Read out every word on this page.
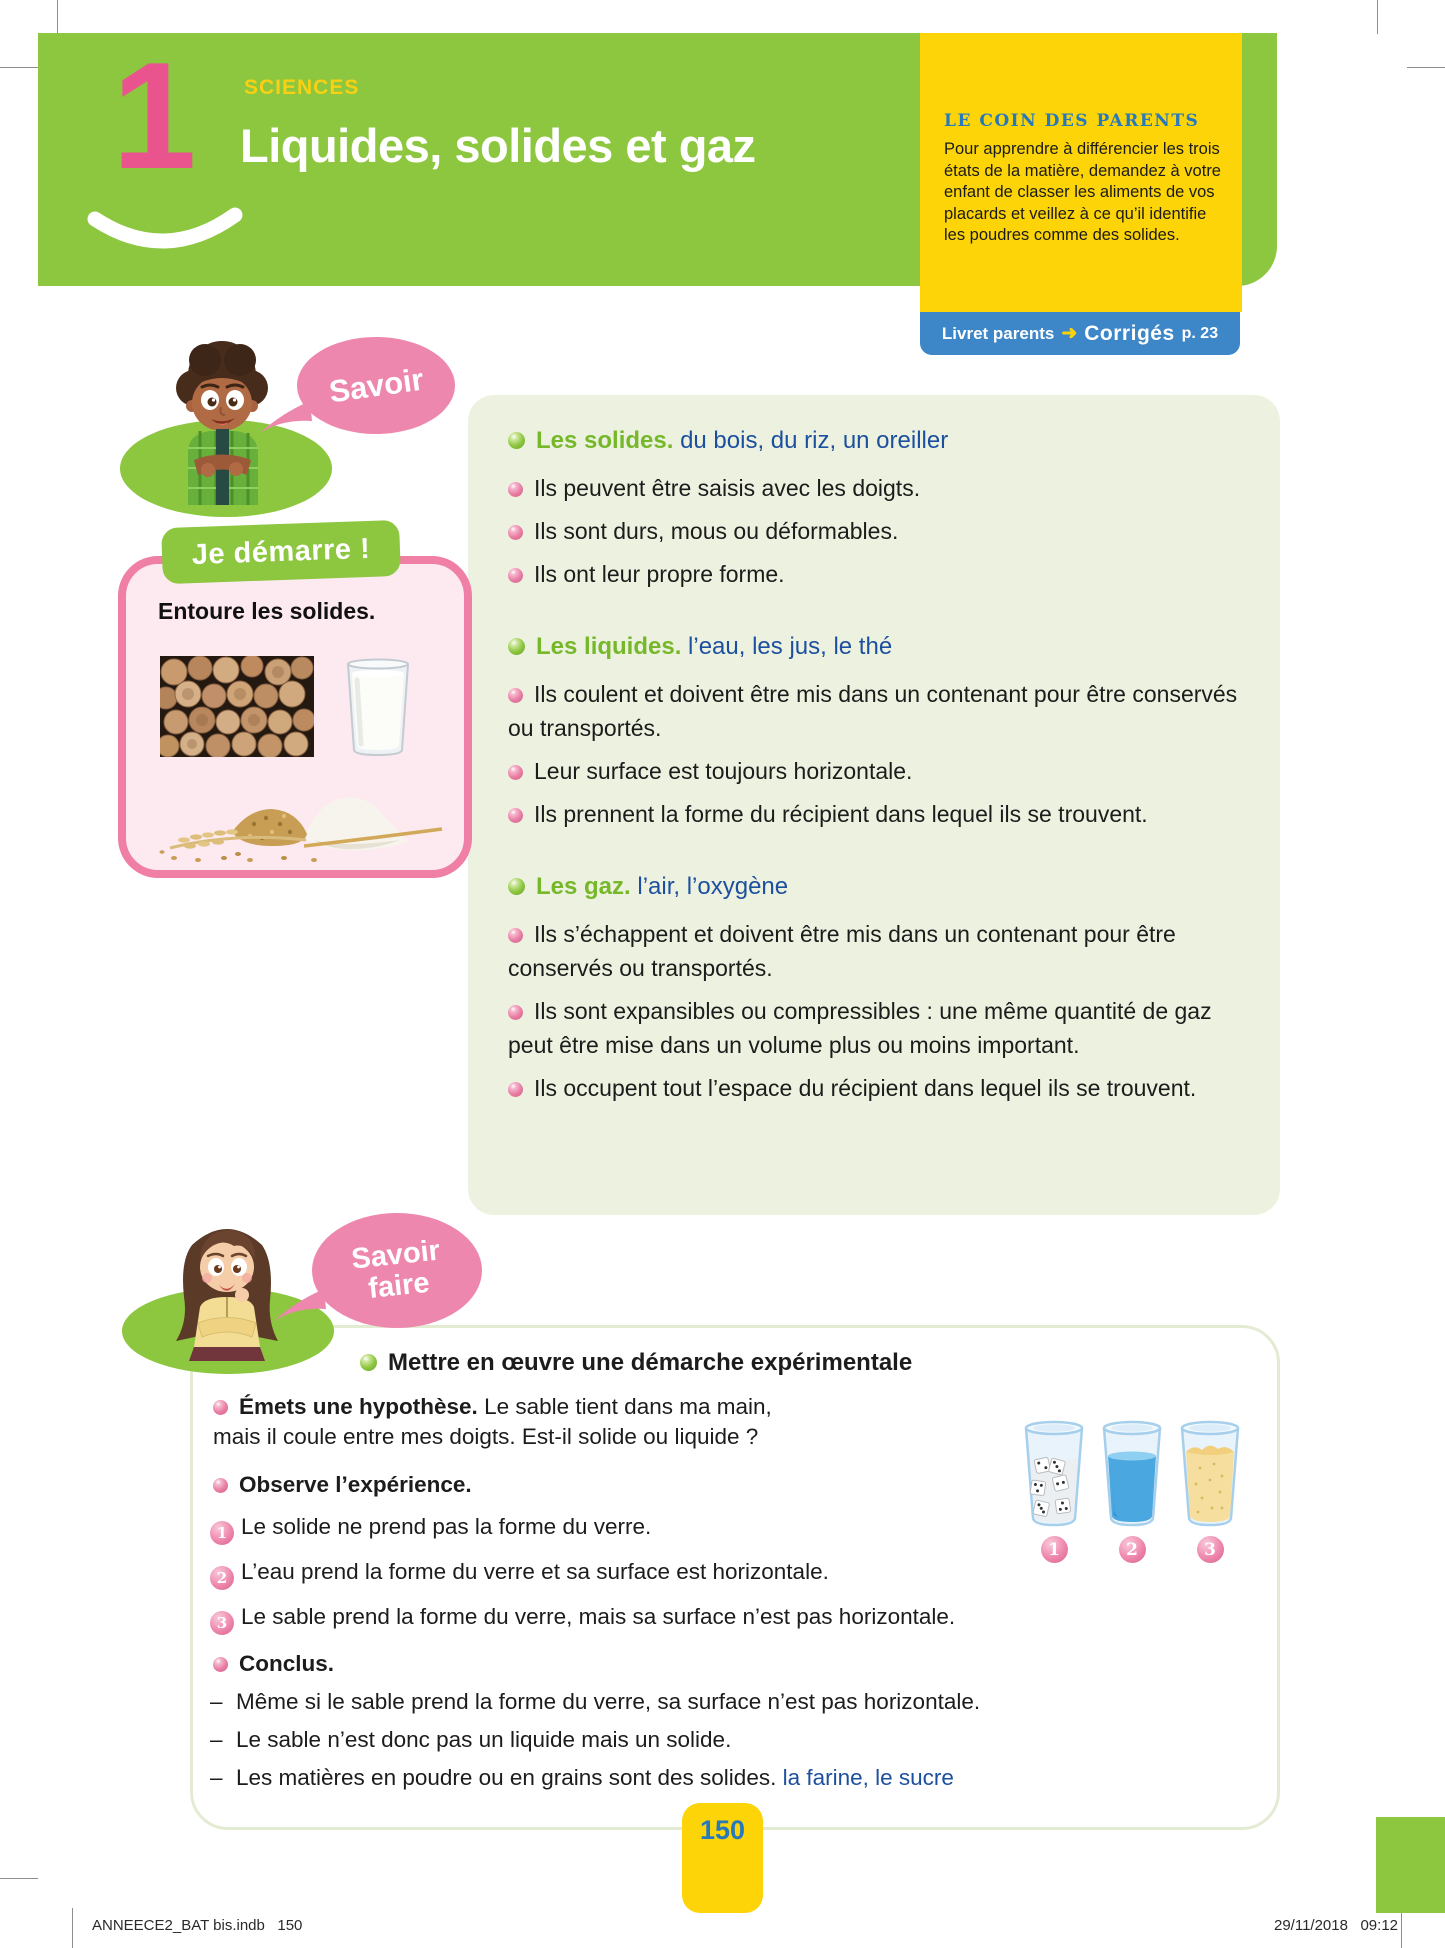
1 SCIENCES
Liquides, solides et gaz	LE COIN DES PARENTS
Pour apprendre à différencier les trois états de la matière, demandez à votre enfant de classer les aliments de vos placards et veillez à ce qu’il identifie les poudres comme des solides.
Livret parents ➜ Corrigés p. 23
Savoir
Les solides. du bois, du riz, un oreiller
Ils peuvent être saisis avec les doigts.
Ils sont durs, mous ou déformables.
Ils ont leur propre forme.
Les liquides. l’eau, les jus, le thé
Ils coulent et doivent être mis dans un contenant pour être conservés ou transportés.
Leur surface est toujours horizontale.
Ils prennent la forme du récipient dans lequel ils se trouvent.
Les gaz. l’air, l’oxygène
Ils s’échappent et doivent être mis dans un contenant pour être conservés ou transportés.
Ils sont expansibles ou compressibles : une même quantité de gaz peut être mise dans un volume plus ou moins important.
Ils occupent tout l’espace du récipient dans lequel ils se trouvent.
Je démarre !
Entoure les solides.
Savoir
faire
Mettre en œuvre une démarche expérimentale
Émets une hypothèse. Le sable tient dans ma main,
mais il coule entre mes doigts. Est-il solide ou liquide ?
Observe l’expérience.
1 Le solide ne prend pas la forme du verre.
2 L’eau prend la forme du verre et sa surface est horizontale.
3 Le sable prend la forme du verre, mais sa surface n’est pas horizontale.
Conclus.
– Même si le sable prend la forme du verre, sa surface n’est pas horizontale.
– Le sable n’est donc pas un liquide mais un solide.
– Les matières en poudre ou en grains sont des solides. la farine, le sucre
1	2	3
150
ANNEECE2_BAT bis.indb   150	29/11/2018   09:12
